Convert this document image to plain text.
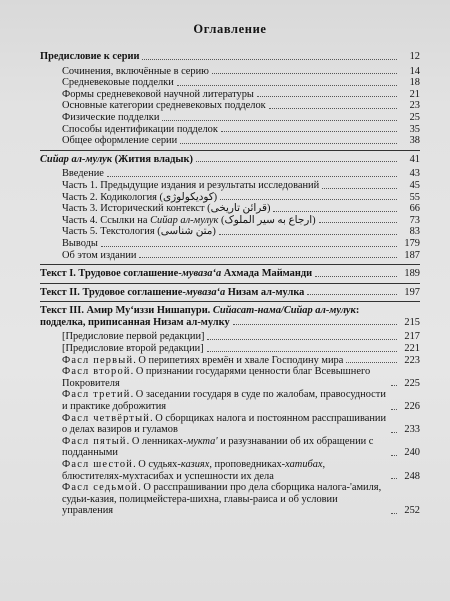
Оглавление
Предисловие к серии	12
Сочинения, включённые в серию	14
Средневековые подделки	18
Формы средневековой научной литературы	21
Основные категории средневековых подделок	23
Физические подделки	25
Способы идентификации подделок	35
Общее оформление серии	38
Сийар ал-мулук (Жития владык)	41
Введение	43
Часть 1. Предыдущие издания и результаты исследований	45
Часть 2. Кодикология (کودیکولوژی)	55
Часть 3. Исторический контекст (قرائن تاریخی)	66
Часть 4. Ссылки на Сийар ал-мулук (ارجاع به سیر الملوک)	73
Часть 5. Текстология (متن شناسی)	83
Выводы	179
Об этом издании	187
Текст I. Трудовое соглашение-мувазаʻа Ахмада Майманди	189
Текст II. Трудовое соглашение-мувазаʻа Низам ал-мулка	197
Текст III. Амир Муʻиззи Нишапури. Сийасат-нама/Сийар ал-мулук:
подделка, приписанная Низам ал-мулку	215
[Предисловие первой редакции]	217
[Предисловие второй редакции]	221
Фасл первый. О перипетиях времён и хвале Господину мира	223
Фасл второй. О признании государями ценности благ Всевышнего Покровителя	225
Фасл третий. О заседании государя в суде по жалобам, правосудности и практике доброжития	226
Фасл четвёртый. О сборщиках налога и постоянном расспрашивании о делах вазиров и гуламов	233
Фасл пятый. О ленниках-мукта' и разузнавании об их обращении с подданными	240
Фасл шестой. О судьях-казиях, проповедниках-хатибах, блюстителях-мухтасибах и успешности их дела	248
Фасл седьмой. О расспрашивании про дела сборщика налога-'амиля, судьи-казия, полицмейстера-шихна, главы-раиса и об условии управления	252
